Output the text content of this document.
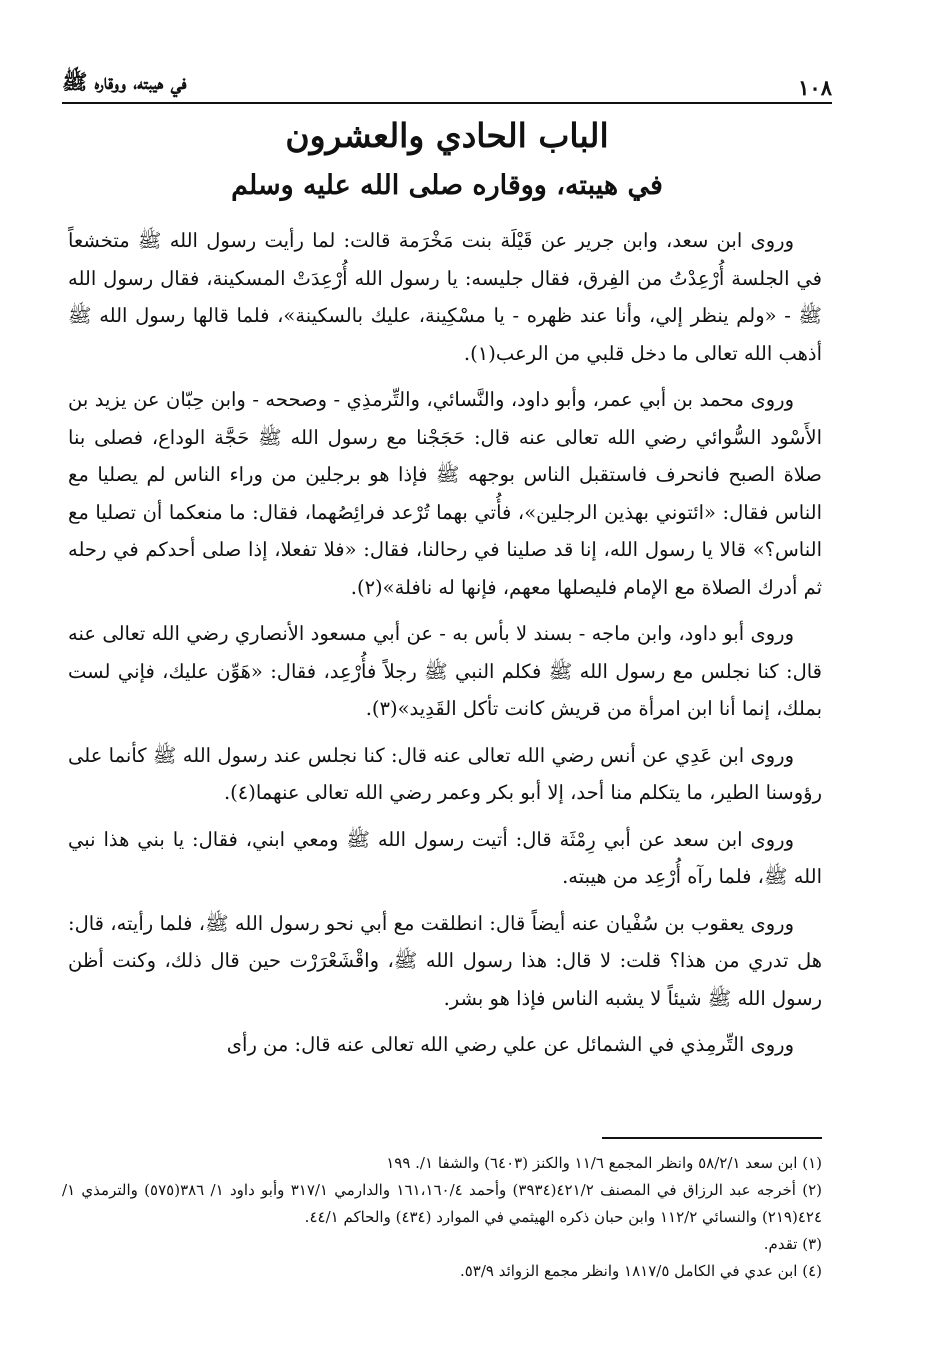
١٠٨
في هيبته، ووقاره ﷺ
الباب الحادي والعشرون
في هيبته، ووقاره صلى الله عليه وسلم

وروى ابن سعد، وابن جرير عن قَيْلَة بنت مَخْرَمة قالت: لما رأيت رسول الله ﷺ متخشعاً في الجلسة أُرْعِدْتُ من الفِرق، فقال جليسه: يا رسول الله أُرْعِدَتْ المسكينة، فقال رسول الله ﷺ - «ولم ينظر إلي، وأنا عند ظهره - يا مسْكِينة، عليك بالسكينة»، فلما قالها رسول الله ﷺ أذهب الله تعالى ما دخل قلبي من الرعب(١).

وروى محمد بن أبي عمر، وأبو داود، والنَّسائي، والتِّرمذِي - وصححه - وابن حِبّان عن يزيد بن الأَسْود السُّوائي رضي الله تعالى عنه قال: حَجَجْنا مع رسول الله ﷺ حَجَّة الوداع، فصلى بنا صلاة الصبح فانحرف فاستقبل الناس بوجهه ﷺ فإذا هو برجلين من وراء الناس لم يصليا مع الناس فقال: «ائتوني بهذين الرجلين»، فأُتي بهما تُرْعد فرائِصُهما، فقال: ما منعكما أن تصليا مع الناس؟» قالا يا رسول الله، إنا قد صلينا في رحالنا، فقال: «فلا تفعلا، إذا صلى أحدكم في رحله ثم أدرك الصلاة مع الإمام فليصلها معهم، فإنها له نافلة»(٢).

وروى أبو داود، وابن ماجه - بسند لا بأس به - عن أبي مسعود الأنصاري رضي الله تعالى عنه قال: كنا نجلس مع رسول الله ﷺ فكلم النبي ﷺ رجلاً فأُرْعِد، فقال: «هَوِّن عليك، فإني لست بملك، إنما أنا ابن امرأة من قريش كانت تأكل القَدِيد»(٣).

وروى ابن عَدِي عن أنس رضي الله تعالى عنه قال: كنا نجلس عند رسول الله ﷺ كأنما على رؤوسنا الطير، ما يتكلم منا أحد، إلا أبو بكر وعمر رضي الله تعالى عنهما(٤).

وروى ابن سعد عن أبي رِمْثَة قال: أتيت رسول الله ﷺ ومعي ابني، فقال: يا بني هذا نبي الله ﷺ، فلما رآه أُرْعِد من هيبته.

وروى يعقوب بن سُفْيان عنه أيضاً قال: انطلقت مع أبي نحو رسول الله ﷺ، فلما رأيته، قال: هل تدري من هذا؟ قلت: لا قال: هذا رسول الله ﷺ، واقْشَعْرَرْت حين قال ذلك، وكنت أظن رسول الله ﷺ شيئاً لا يشبه الناس فإذا هو بشر.

وروى التِّرمِذي في الشمائل عن علي رضي الله تعالى عنه قال: من رأى

(١) ابن سعد ٥٨/٢/١ وانظر المجمع ١١/٦ والكنز (٦٤٠٣) والشفا ١/. ١٩٩

(٢) أخرجه عبد الرزاق في المصنف ٤٢١/٢(٣٩٣٤) وأحمد ١٦١،١٦٠/٤ والدارمي ٣١٧/١ وأبو داود ١/ ٣٨٦(٥٧٥) والترمذي ١/ ٤٢٤(٢١٩) والنسائي ١١٢/٢ وابن حبان ذكره الهيثمي في الموارد (٤٣٤) والحاكم ٤٤/١.

(٣) تقدم.

(٤) ابن عدي في الكامل ١٨١٧/٥ وانظر مجمع الزوائد ٥٣/٩.
